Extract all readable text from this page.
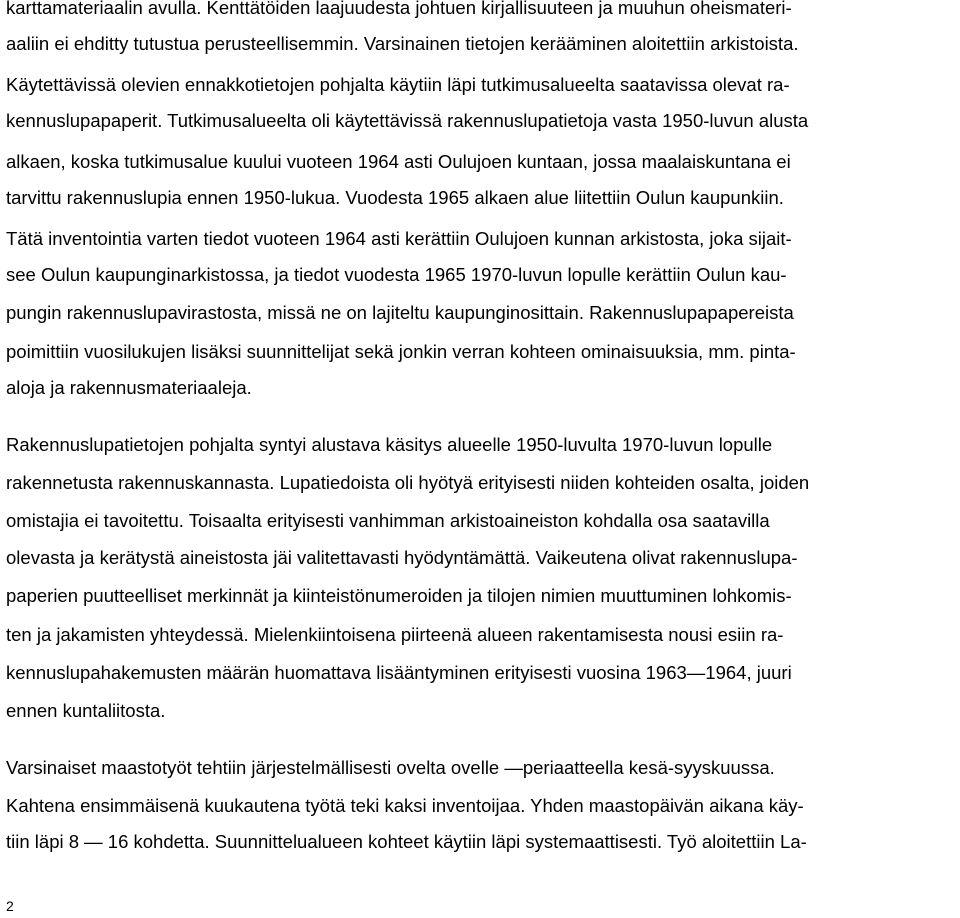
karttamateriaalin avulla. Kenttätöiden laajuudesta johtuen kirjallisuuteen ja muuhun oheismateri-
aaliin ei ehditty tutustua perusteellisemmin. Varsinainen tietojen kerääminen aloitettiin arkistoista.
Käytettävissä olevien ennakkotietojen pohjalta käytiin läpi tutkimusalueelta saatavissa olevat ra-
kennuslupapaperit. Tutkimusalueelta oli käytettävissä rakennuslupatietoja vasta 1950-luvun alusta
alkaen, koska tutkimusalue kuului vuoteen 1964 asti Oulujoen kuntaan, jossa maalaiskuntana ei
tarvittu rakennuslupia ennen 1950-lukua. Vuodesta 1965 alkaen alue liitettiin Oulun kaupunkiin.
Tätä inventointia varten tiedot vuoteen 1964 asti kerättiin Oulujoen kunnan arkistosta, joka sijait-
see Oulun kaupunginarkistossa, ja tiedot vuodesta 1965 1970-luvun lopulle kerättiin Oulun kau-
pungin rakennuslupavirastosta, missä ne on lajiteltu kaupunginosittain. Rakennuslupapapereista
poimittiin vuosilukujen lisäksi suunnittelijat sekä jonkin verran kohteen ominaisuuksia, mm. pinta-
aloja ja rakennusmateriaaleja.
Rakennuslupatietojen pohjalta syntyi alustava käsitys alueelle 1950-luvulta 1970-luvun lopulle
rakennetusta rakennuskannasta. Lupatiedoista oli hyötyä erityisesti niiden kohteiden osalta, joiden
omistajia ei tavoitettu. Toisaalta erityisesti vanhimman arkistoaineiston kohdalla osa saatavilla
olevasta ja kerätystä aineistosta jäi valitettavasti hyödyntämättä. Vaikeutena olivat rakennuslupa-
paperien puutteelliset merkinnät ja kiinteistönumeroiden ja tilojen nimien muuttuminen lohkomis-
ten ja jakamisten yhteydessä. Mielenkiintoisena piirteenä alueen rakentamisesta nousi esiin ra-
kennuslupahakemusten määrän huomattava lisääntyminen erityisesti vuosina 1963—1964, juuri
ennen kuntaliitosta.
Varsinaiset maastotyöt tehtiin järjestelmällisesti ovelta ovelle —periaatteella kesä-syyskuussa.
Kahtena ensimmäisenä kuukautena työtä teki kaksi inventoijaa. Yhden maastopäivän aikana käy-
tiin läpi 8 — 16 kohdetta. Suunnittelualueen kohteet käytiin läpi systemaattisesti. Työ aloitettiin La-
2
